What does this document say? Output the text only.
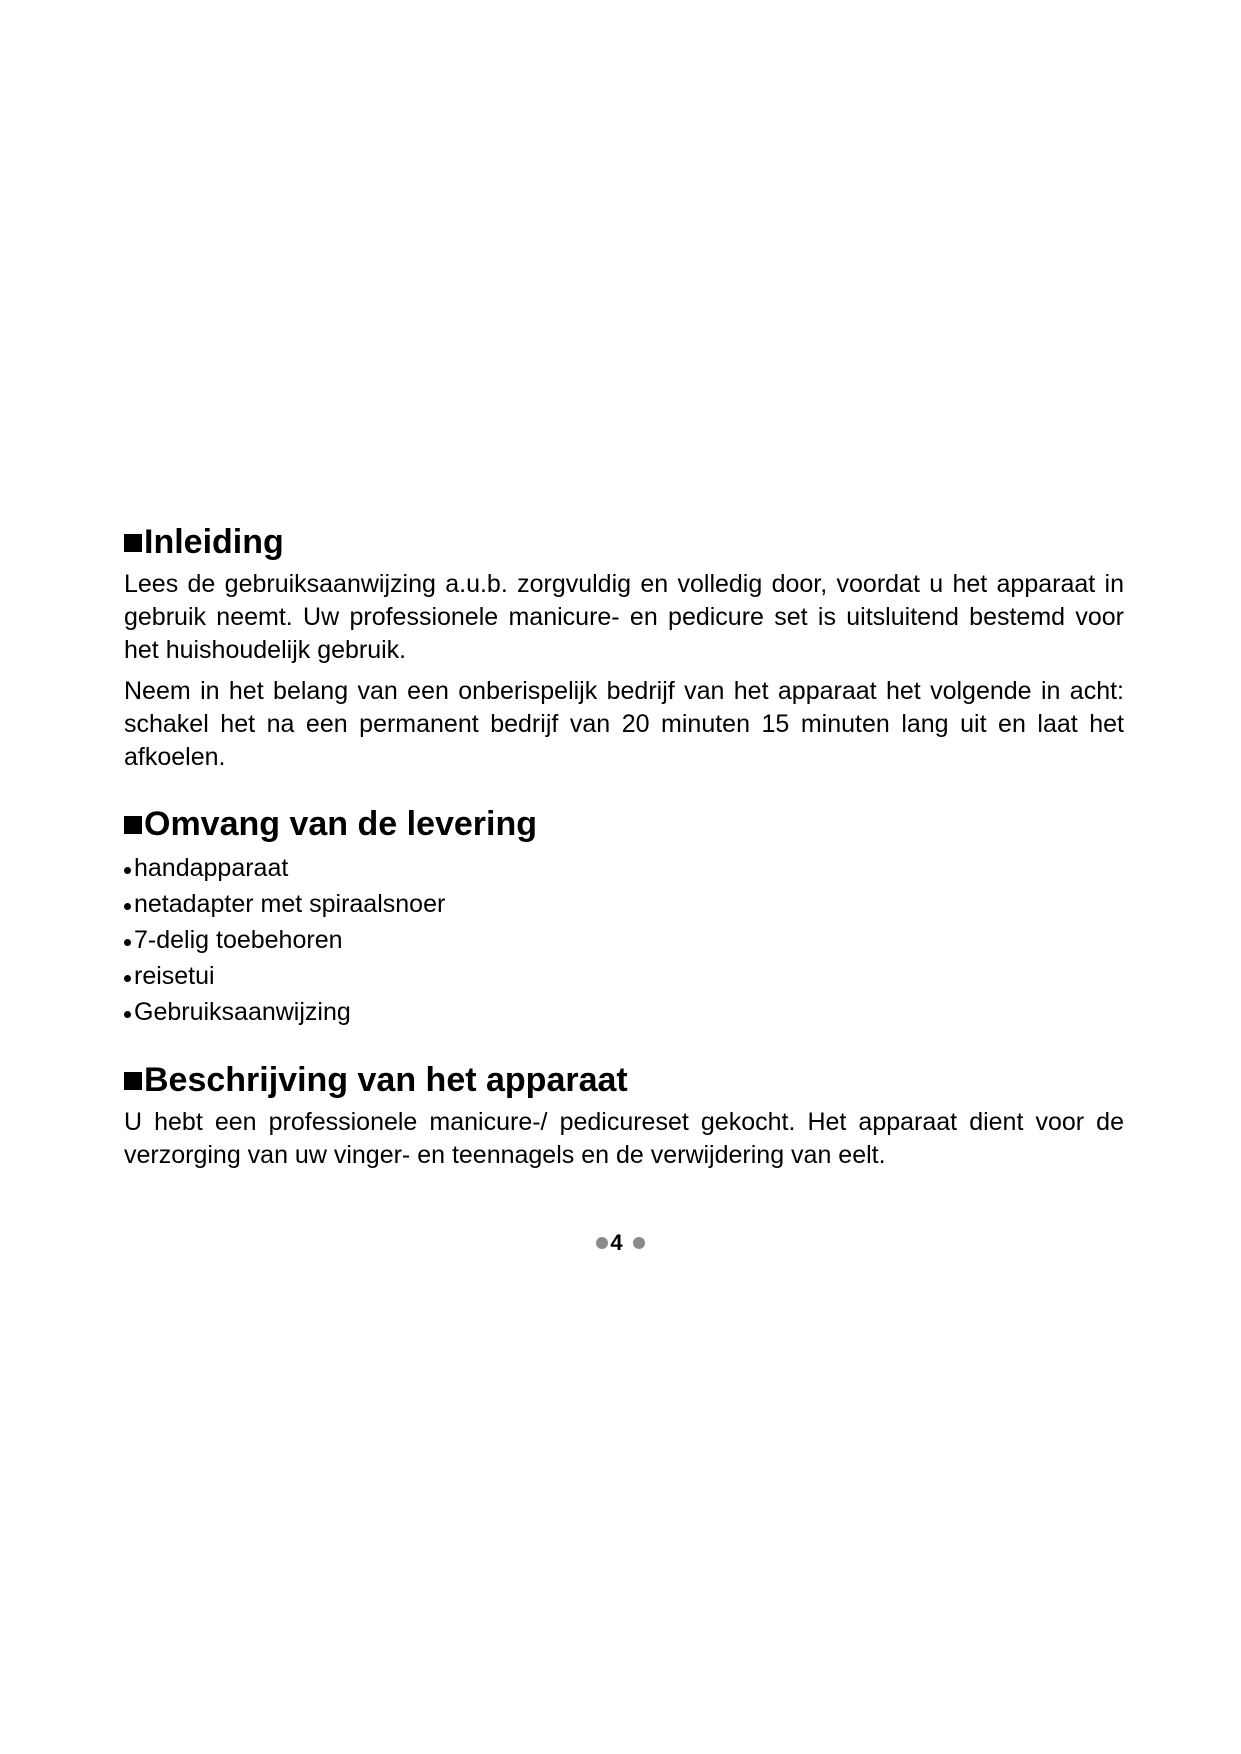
Inleiding

Lees de gebruiksaanwijzing a.u.b. zorgvuldig en volledig door, voordat u het apparaat in gebruik neemt. Uw professionele manicure- en pedicure set is uitsluitend bestemd voor het huishoudelijk gebruik.

Neem in het belang van een onberispelijk bedrijf van het apparaat het volgende in acht: schakel het na een permanent bedrijf van 20 minuten 15 minuten lang uit en laat het afkoelen.

Omvang van de levering
handapparaat
netadapter met spiraalsnoer
7-delig toebehoren
reisetui
Gebruiksaanwijzing
Beschrijving van het apparaat

U hebt een professionele manicure-/ pedicureset gekocht. Het apparaat dient voor de verzorging van uw vinger- en teennagels en de verwijdering van eelt.

4
